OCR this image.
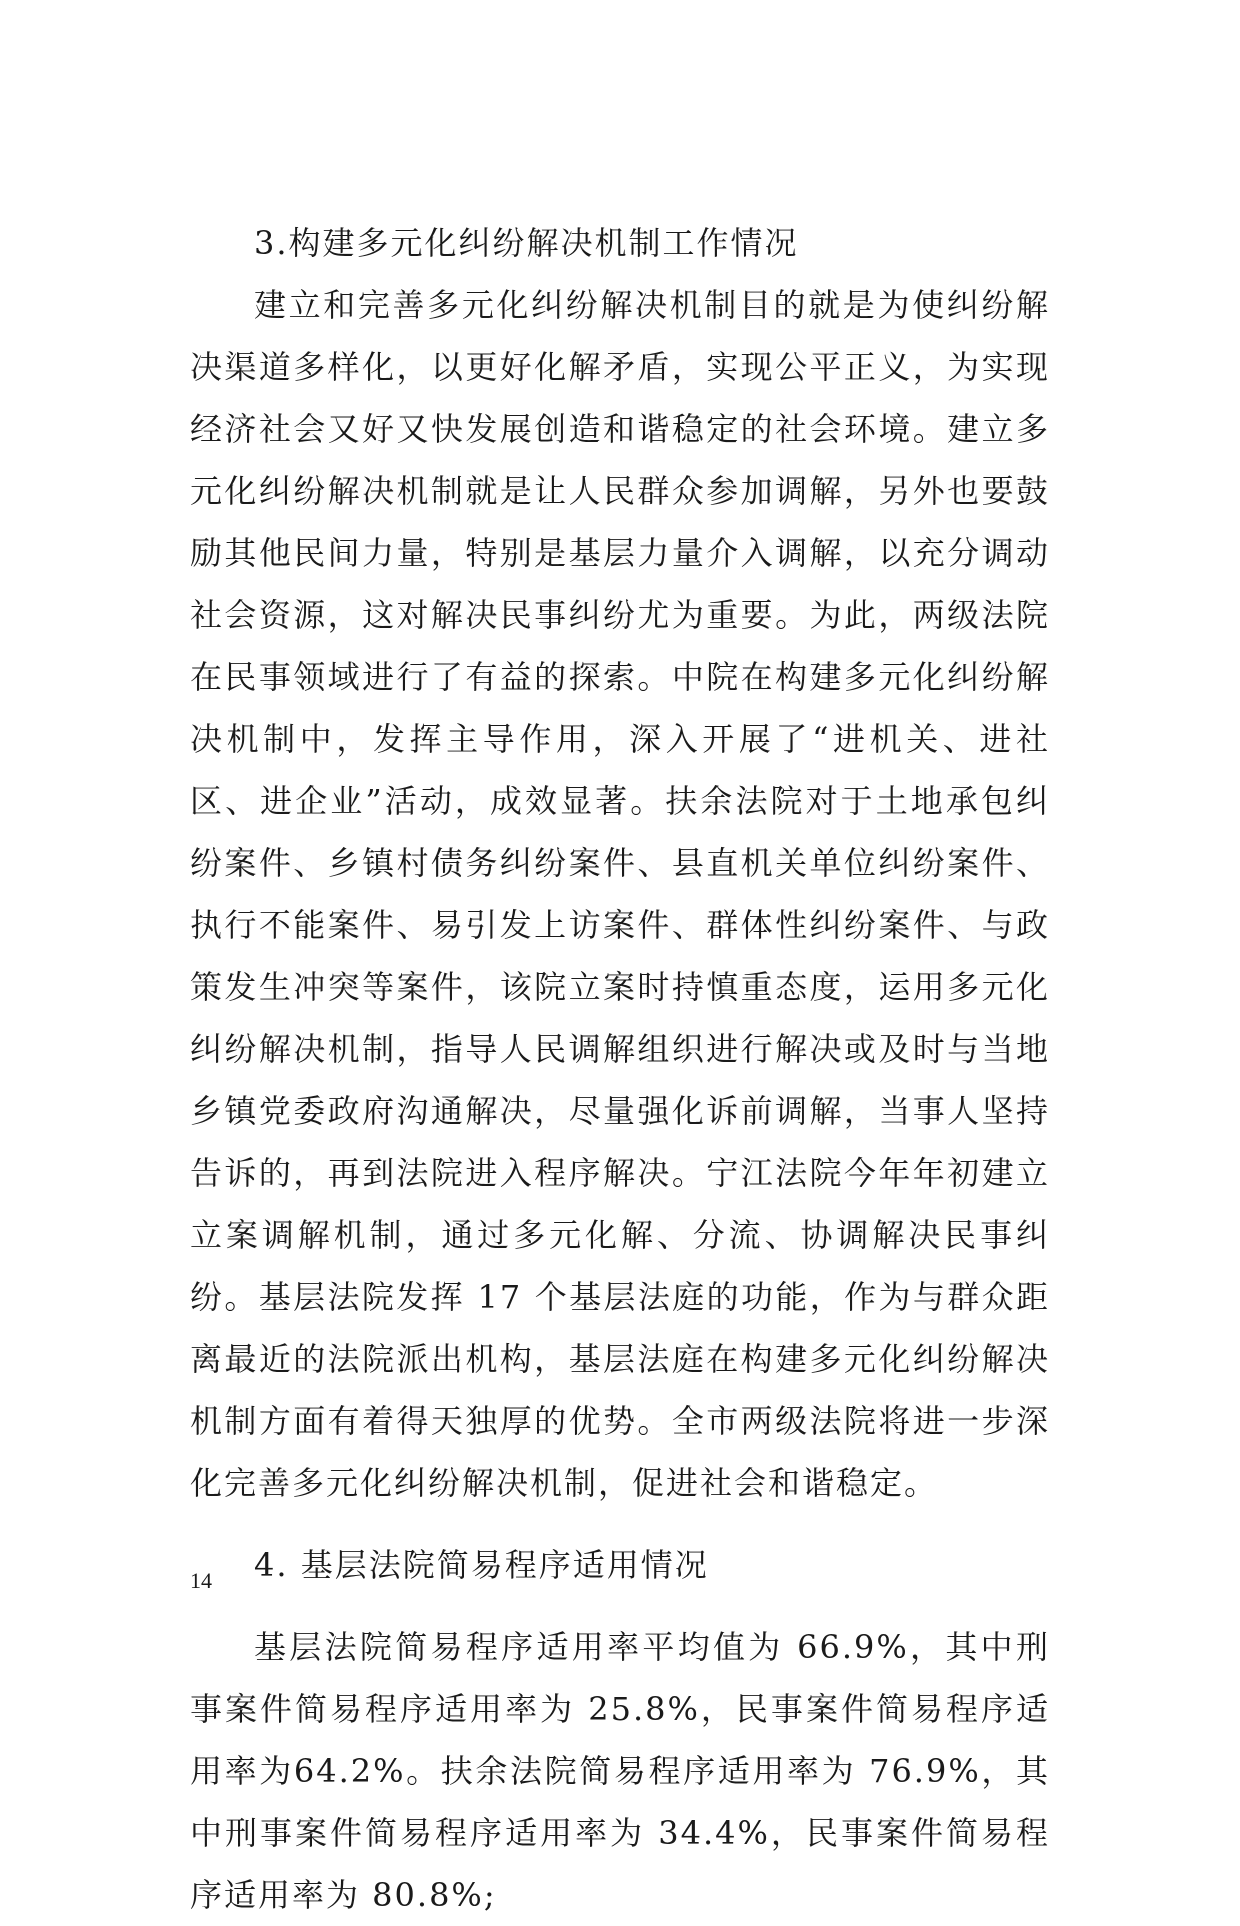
3.构建多元化纠纷解决机制工作情况

建立和完善多元化纠纷解决机制目的就是为使纠纷解决渠道多样化，以更好化解矛盾，实现公平正义，为实现经济社会又好又快发展创造和谐稳定的社会环境。建立多元化纠纷解决机制就是让人民群众参加调解，另外也要鼓励其他民间力量，特别是基层力量介入调解，以充分调动社会资源，这对解决民事纠纷尤为重要。为此，两级法院在民事领域进行了有益的探索。中院在构建多元化纠纷解决机制中，发挥主导作用，深入开展了“进机关、进社区、进企业”活动，成效显著。扶余法院对于土地承包纠纷案件、乡镇村债务纠纷案件、县直机关单位纠纷案件、执行不能案件、易引发上访案件、群体性纠纷案件、与政策发生冲突等案件，该院立案时持慎重态度，运用多元化纠纷解决机制，指导人民调解组织进行解决或及时与当地乡镇党委政府沟通解决，尽量强化诉前调解，当事人坚持告诉的，再到法院进入程序解决。宁江法院今年年初建立立案调解机制，通过多元化解、分流、协调解决民事纠纷。基层法院发挥 17 个基层法庭的功能，作为与群众距离最近的法院派出机构，基层法庭在构建多元化纠纷解决机制方面有着得天独厚的优势。全市两级法院将进一步深化完善多元化纠纷解决机制，促进社会和谐稳定。

4. 基层法院简易程序适用情况

基层法院简易程序适用率平均值为 66.9%，其中刑事案件简易程序适用率为 25.8%，民事案件简易程序适用率为64.2%。扶余法院简易程序适用率为 76.9%，其中刑事案件简易程序适用率为 34.4%，民事案件简易程序适用率为 80.8%;

14
